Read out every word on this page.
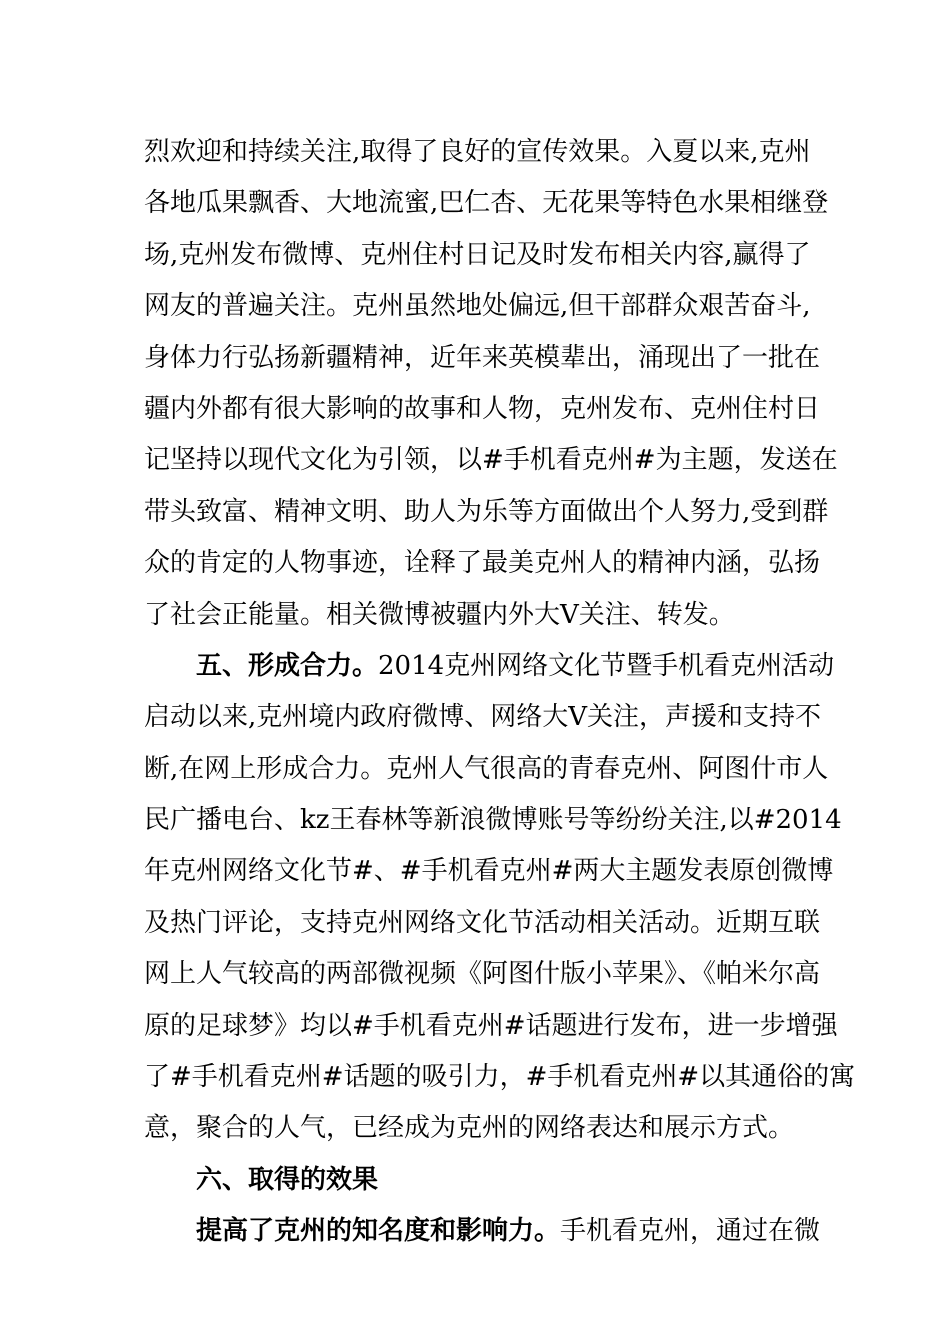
烈欢迎和持续关注,取得了良好的宣传效果。入夏以来,克州
各地瓜果飘香、大地流蜜,巴仁杏、无花果等特色水果相继登
场,克州发布微博、克州住村日记及时发布相关内容,赢得了
网友的普遍关注。克州虽然地处偏远,但干部群众艰苦奋斗,
身体力行弘扬新疆精神，近年来英模辈出，涌现出了一批在
疆内外都有很大影响的故事和人物，克州发布、克州住村日
记坚持以现代文化为引领，以#手机看克州#为主题，发送在
带头致富、精神文明、助人为乐等方面做出个人努力,受到群
众的肯定的人物事迹，诠释了最美克州人的精神内涵，弘扬
了社会正能量。相关微博被疆内外大V关注、转发。
五、形成合力。2014克州网络文化节暨手机看克州活动
启动以来,克州境内政府微博、网络大V关注，声援和支持不
断,在网上形成合力。克州人气很高的青春克州、阿图什市人
民广播电台、kz王春林等新浪微博账号等纷纷关注,以#2014
年克州网络文化节#、#手机看克州#两大主题发表原创微博
及热门评论，支持克州网络文化节活动相关活动。近期互联
网上人气较高的两部微视频《阿图什版小苹果》、《帕米尔高
原的足球梦》均以#手机看克州#话题进行发布，进一步增强
了#手机看克州#话题的吸引力，#手机看克州#以其通俗的寓
意，聚合的人气，已经成为克州的网络表达和展示方式。
六、取得的效果
提高了克州的知名度和影响力。手机看克州，通过在微
